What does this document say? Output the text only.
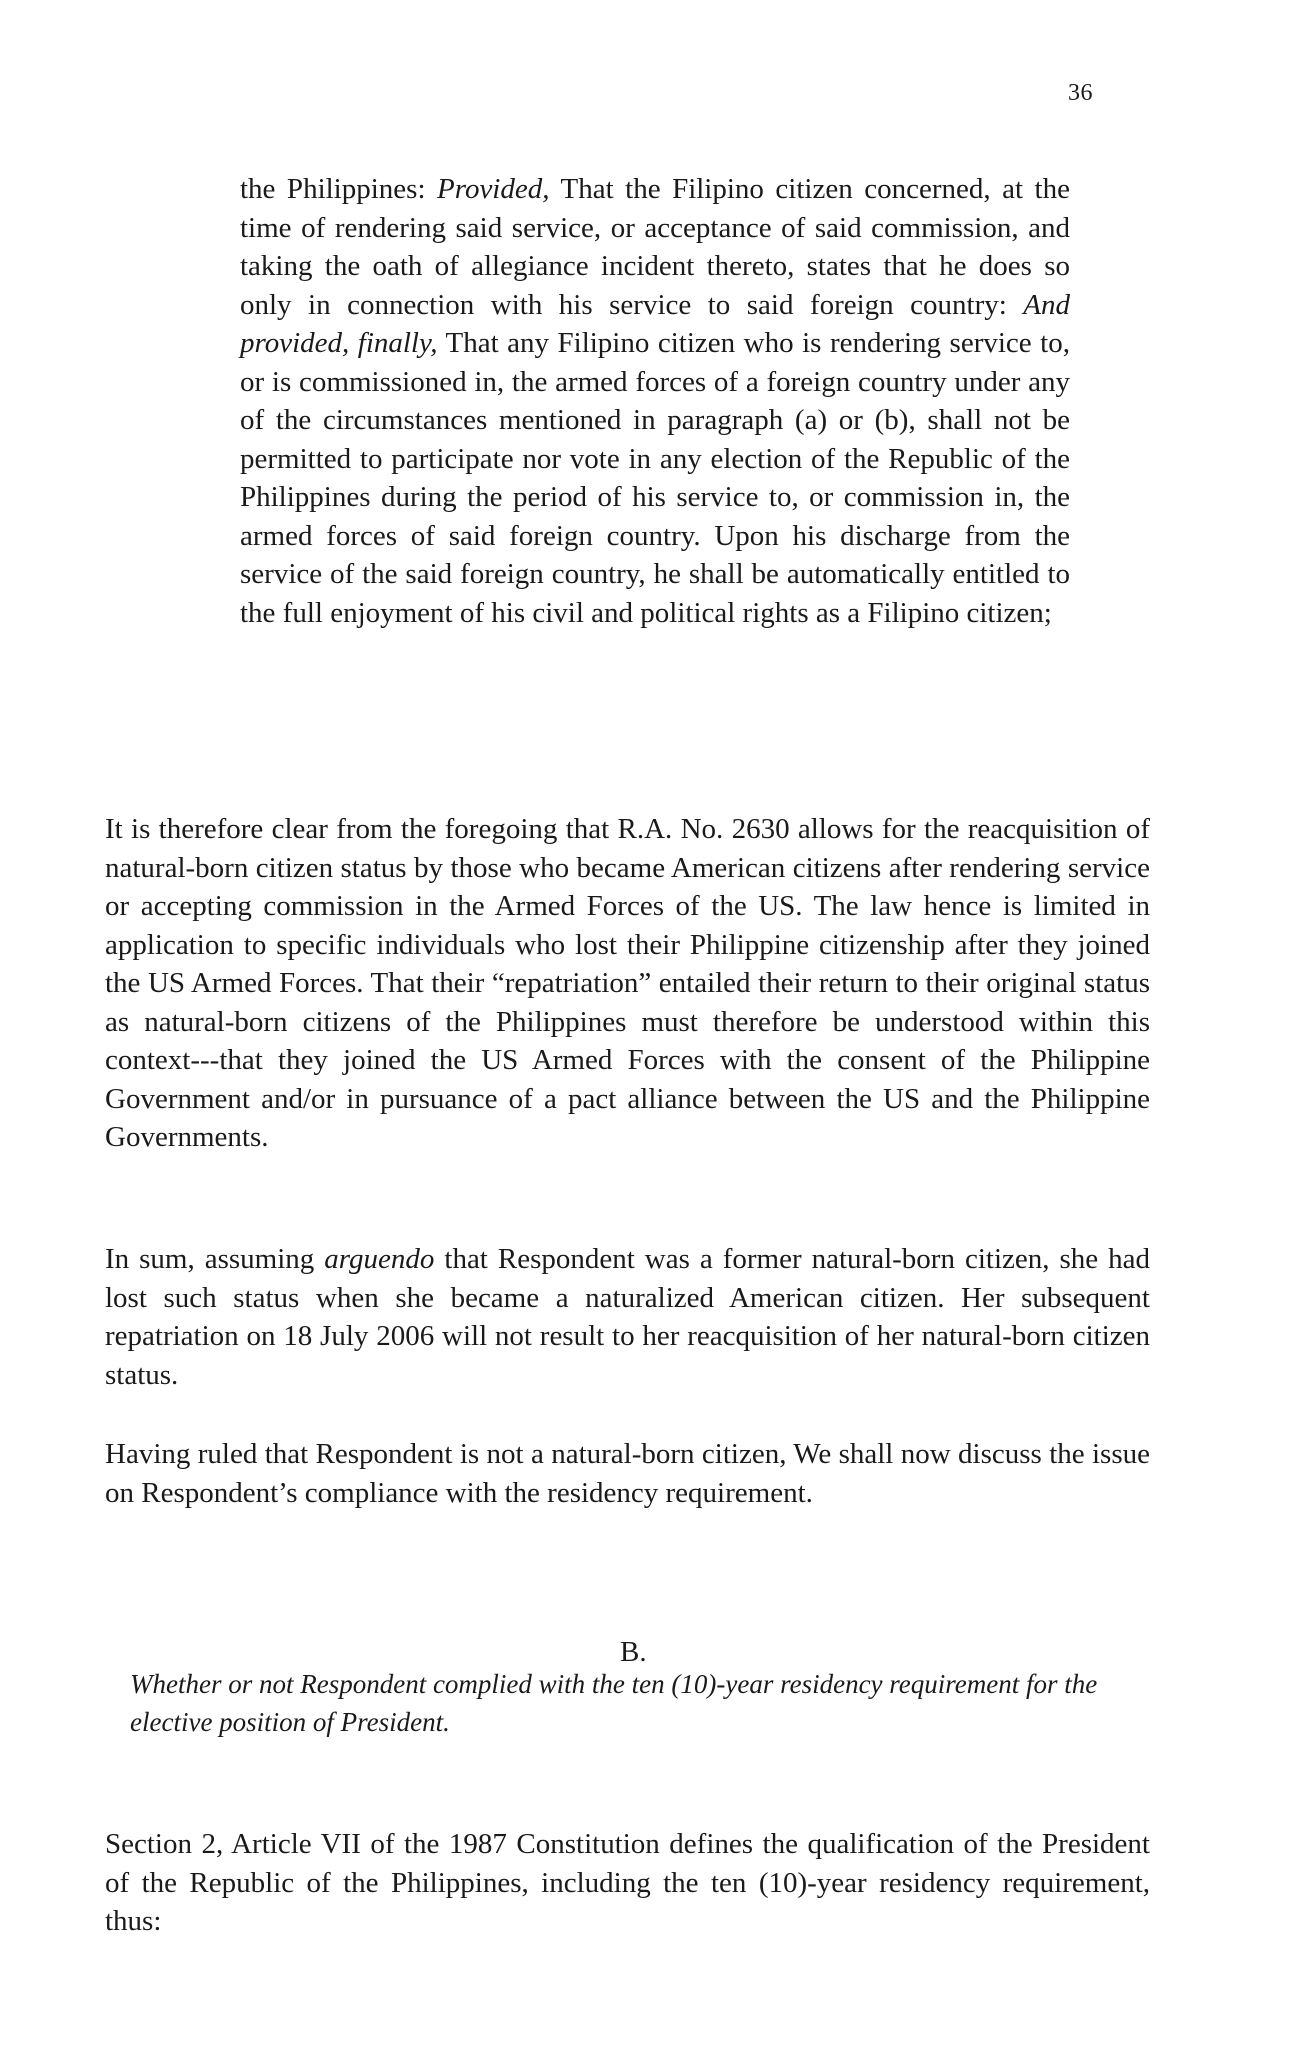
36

the Philippines: Provided, That the Filipino citizen concerned, at the time of rendering said service, or acceptance of said commission, and taking the oath of allegiance incident thereto, states that he does so only in connection with his service to said foreign country: And provided, finally, That any Filipino citizen who is rendering service to, or is commissioned in, the armed forces of a foreign country under any of the circumstances mentioned in paragraph (a) or (b), shall not be permitted to participate nor vote in any election of the Republic of the Philippines during the period of his service to, or commission in, the armed forces of said foreign country. Upon his discharge from the service of the said foreign country, he shall be automatically entitled to the full enjoyment of his civil and political rights as a Filipino citizen;

It is therefore clear from the foregoing that R.A. No. 2630 allows for the reacquisition of natural-born citizen status by those who became American citizens after rendering service or accepting commission in the Armed Forces of the US. The law hence is limited in application to specific individuals who lost their Philippine citizenship after they joined the US Armed Forces. That their “repatriation” entailed their return to their original status as natural-born citizens of the Philippines must therefore be understood within this context---that they joined the US Armed Forces with the consent of the Philippine Government and/or in pursuance of a pact alliance between the US and the Philippine Governments.

In sum, assuming arguendo that Respondent was a former natural-born citizen, she had lost such status when she became a naturalized American citizen. Her subsequent repatriation on 18 July 2006 will not result to her reacquisition of her natural-born citizen status.

Having ruled that Respondent is not a natural-born citizen, We shall now discuss the issue on Respondent’s compliance with the residency requirement.

B.

Whether or not Respondent complied with the ten (10)-year residency requirement for the elective position of President.

Section 2, Article VII of the 1987 Constitution defines the qualification of the President of the Republic of the Philippines, including the ten (10)-year residency requirement, thus:
